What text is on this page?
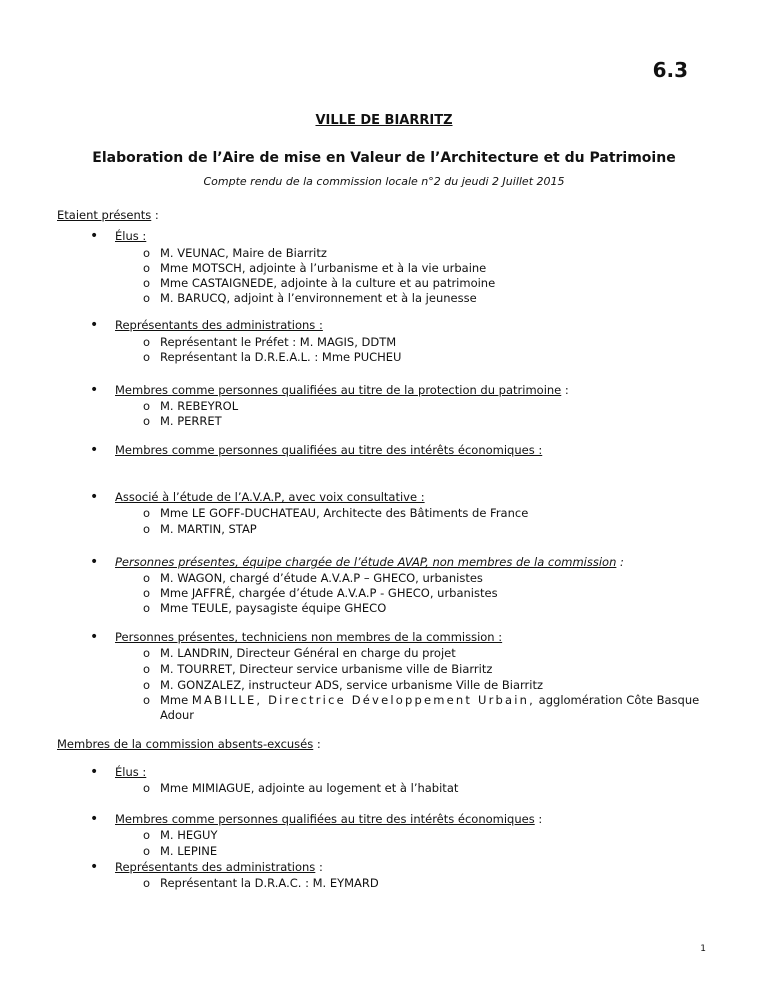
6.3
VILLE DE BIARRITZ
Elaboration de l’Aire de mise en Valeur de l’Architecture et du Patrimoine
Compte rendu de la commission locale n°2 du jeudi 2 Juillet 2015
Etaient présents :
• Élus :
o M. VEUNAC, Maire de Biarritz
o Mme MOTSCH, adjointe à l’urbanisme et à la vie urbaine
o Mme CASTAIGNEDE, adjointe à la culture et au patrimoine
o M. BARUCQ, adjoint à l’environnement et à la jeunesse
• Représentants des administrations :
o Représentant le Préfet : M. MAGIS, DDTM
o Représentant la D.R.E.A.L. : Mme PUCHEU
• Membres comme personnes qualifiées au titre de la protection du patrimoine :
o M. REBEYROL
o M. PERRET
• Membres comme personnes qualifiées au titre des intérêts économiques :
• Associé à l’étude de l’A.V.A.P, avec voix consultative :
o Mme LE GOFF-DUCHATEAU, Architecte des Bâtiments de France
o M. MARTIN, STAP
• Personnes présentes, équipe chargée de l’étude AVAP, non membres de la commission :
o M. WAGON, chargé d’étude A.V.A.P – GHECO, urbanistes
o Mme JAFFRÉ, chargée d’étude A.V.A.P - GHECO, urbanistes
o Mme TEULE, paysagiste équipe GHECO
• Personnes présentes, techniciens non membres de la commission :
o M. LANDRIN, Directeur Général en charge du projet
o M. TOURRET, Directeur service urbanisme ville de Biarritz
o M. GONZALEZ, instructeur ADS, service urbanisme Ville de Biarritz
o Mme MABILLE, Directrice Développement Urbain, agglomération Côte Basque
Adour
Membres de la commission absents-excusés :
• Élus :
o Mme MIMIAGUE, adjointe au logement et à l’habitat
• Membres comme personnes qualifiées au titre des intérêts économiques :
o M. HEGUY
o M. LEPINE
• Représentants des administrations :
o Représentant la D.R.A.C. : M. EYMARD
1
